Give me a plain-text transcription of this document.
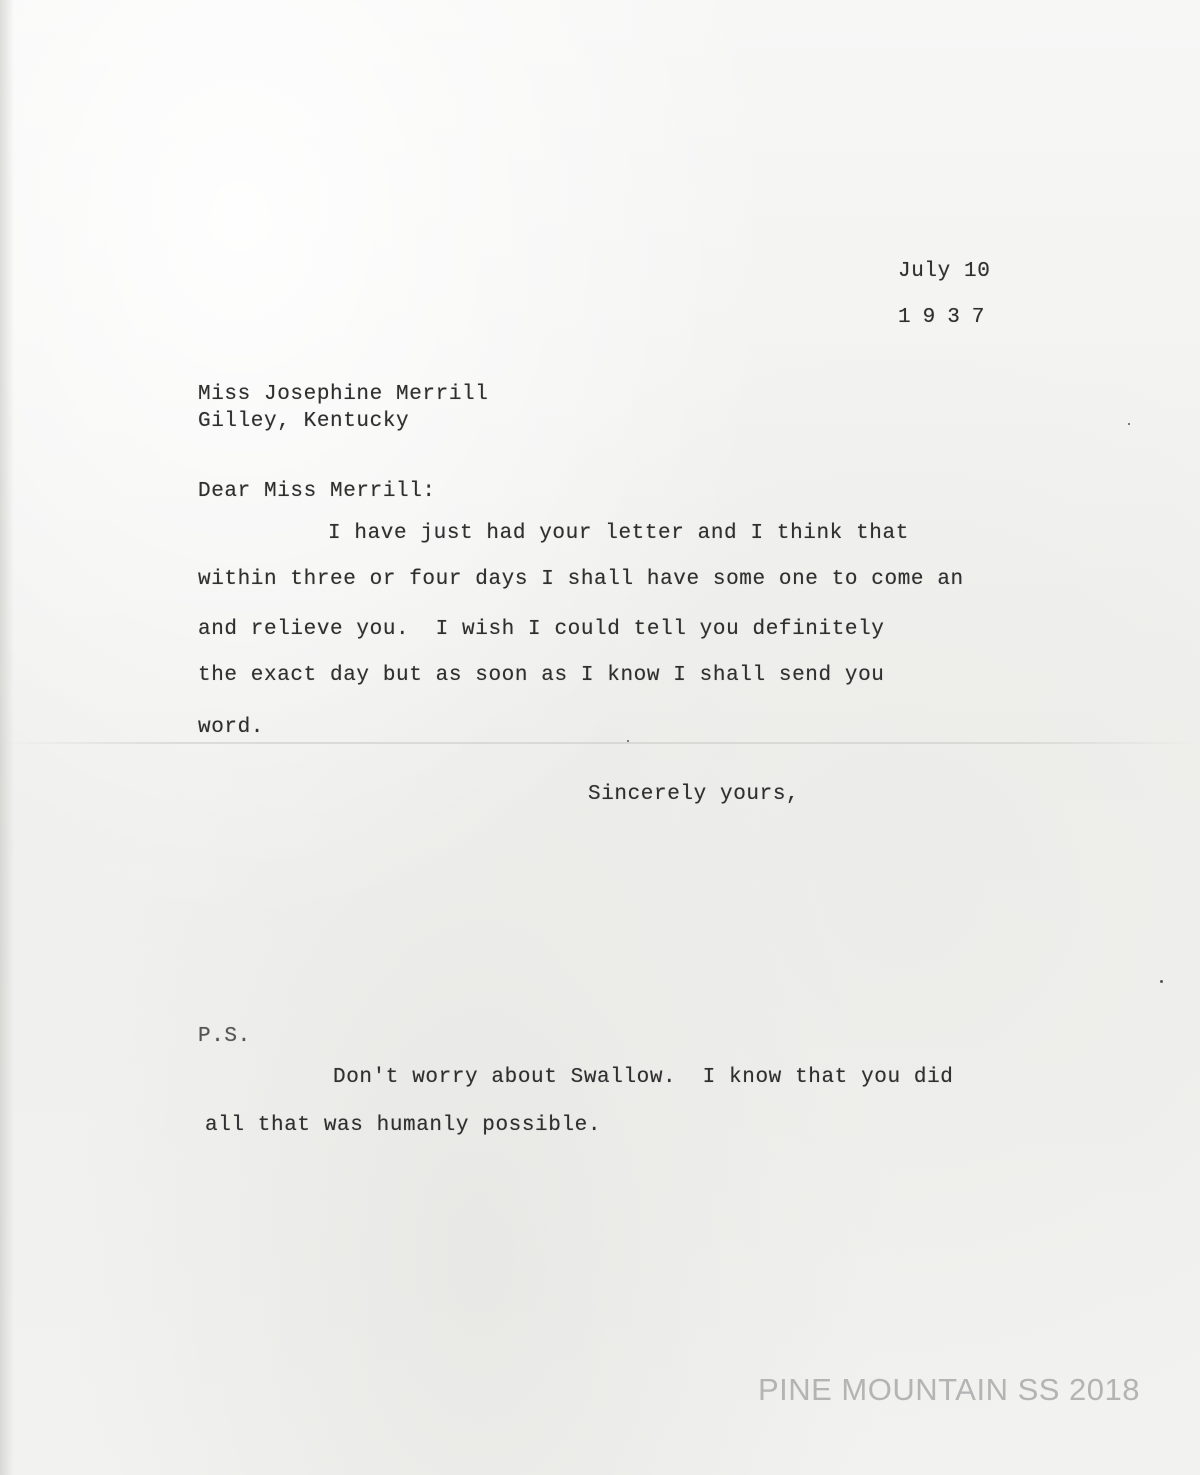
July 10
1937
Miss Josephine Merrill
Gilley, Kentucky
Dear Miss Merrill:
I have just had your letter and I think that
within three or four days I shall have some one to come an
and relieve you.  I wish I could tell you definitely
the exact day but as soon as I know I shall send you
word.
Sincerely yours,
P.S.
Don't worry about Swallow.  I know that you did
all that was humanly possible.
PINE MOUNTAIN SS 2018
